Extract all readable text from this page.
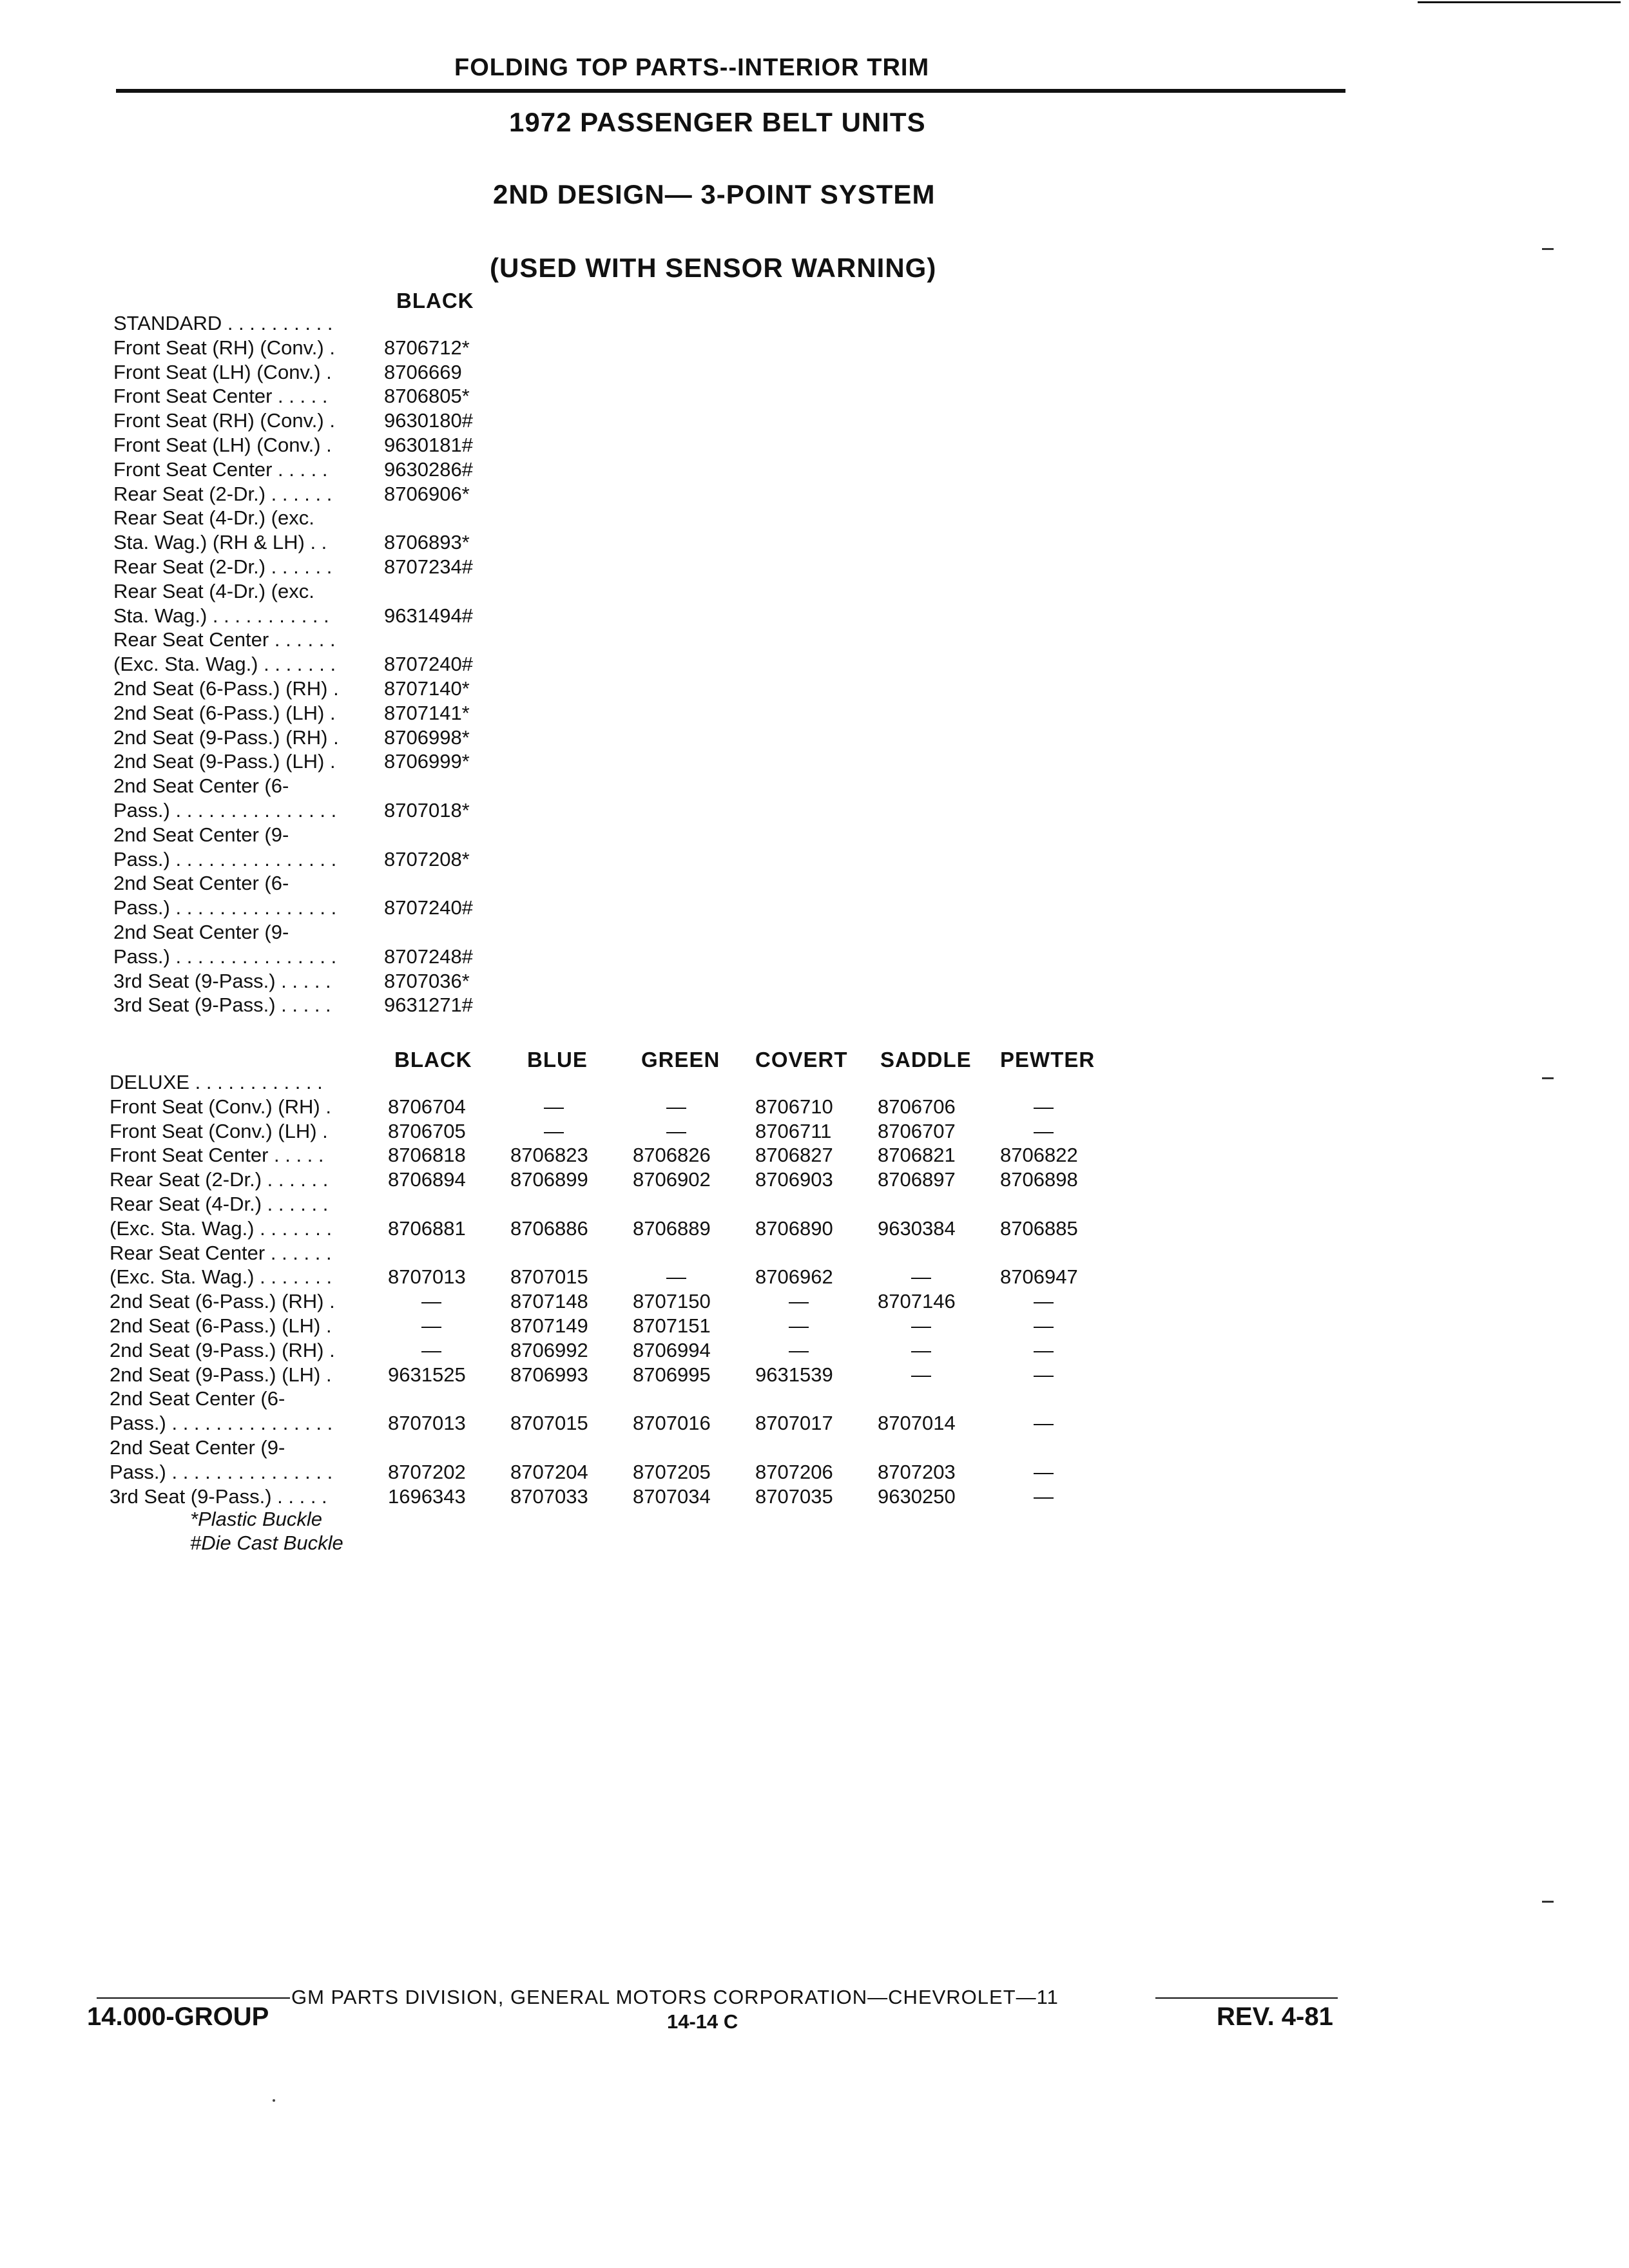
FOLDING TOP PARTS--INTERIOR TRIM
1972 PASSENGER BELT UNITS
2ND DESIGN— 3-POINT SYSTEM
(USED WITH SENSOR WARNING)
BLACK
STANDARD . . . . . . . . . .
Front Seat (RH) (Conv.) . 8706712*
Front Seat (LH) (Conv.) .	8706669
Front Seat Center . . . . .	8706805*
Front Seat (RH) (Conv.) . 9630180#
Front Seat (LH) (Conv.) .	9630181#
Front Seat Center . . . . .	9630286#
Rear Seat (2-Dr.) . . . . . .	8706906*
Rear Seat (4-Dr.) (exc.
Sta. Wag.) (RH & LH) . .	8706893*
Rear Seat (2-Dr.) . . . . . .	8707234#
Rear Seat (4-Dr.) (exc.
Sta. Wag.) . . . . . . . . . . .	9631494#
Rear Seat Center . . . . . .
(Exc. Sta. Wag.) . . . . . . . 8707240#
2nd Seat (6-Pass.) (RH) . 8707140*
2nd Seat (6-Pass.) (LH) . 8707141*
2nd Seat (9-Pass.) (RH) . 8706998*
2nd Seat (9-Pass.) (LH) . 8706999*
2nd Seat Center (6-
Pass.) . . . . . . . . . . . . . . . 8707018*
2nd Seat Center (9-
Pass.) . . . . . . . . . . . . . . . 8707208*
2nd Seat Center (6-
Pass.) . . . . . . . . . . . . . . . 8707240#
2nd Seat Center (9-
Pass.) . . . . . . . . . . . . . . . 8707248#
3rd Seat (9-Pass.) . . . . .	8707036*
3rd Seat (9-Pass.) . . . . .	9631271#
BLACK	BLUE	GREEN COVERT SADDLE PEWTER
DELUXE . . . . . . . . . . . .
Front Seat (Conv.) (RH) .	8706704	—	—	8706710 8706706	—
Front Seat (Conv.) (LH) .	8706705	—	—	8706711 8706707	—
Front Seat Center . . . . .	8706818 8706823 8706826 8706827 8706821 8706822
Rear Seat (2-Dr.) . . . . . .	8706894 8706899 8706902 8706903 8706897 8706898
Rear Seat (4-Dr.) . . . . . .
(Exc. Sta. Wag.) . . . . . . .	8706881 8706886 8706889 8706890 9630384 8706885
Rear Seat Center . . . . . .
(Exc. Sta. Wag.) . . . . . . .	8707013 8707015	—	8706962	—	8706947
2nd Seat (6-Pass.) (RH) .	—	8707148 8707150	—	8707146	—
2nd Seat (6-Pass.) (LH) .	—	8707149 8707151	—	—	—
2nd Seat (9-Pass.) (RH) .	—	8706992 8706994	—	—	—
2nd Seat (9-Pass.) (LH) .	9631525 8706993 8706995 9631539	—	—
2nd Seat Center (6-
Pass.) . . . . . . . . . . . . . . .	8707013 8707015 8707016 8707017 8707014	—
2nd Seat Center (9-
Pass.) . . . . . . . . . . . . . . .	8707202 8707204 8707205 8707206 8707203	—
3rd Seat (9-Pass.) . . . . .	1696343 8707033 8707034 8707035 9630250	—
*Plastic Buckle
#Die Cast Buckle
GM PARTS DIVISION, GENERAL MOTORS CORPORATION—CHEVROLET—11
14.000-GROUP	14-14 C	REV. 4-81
